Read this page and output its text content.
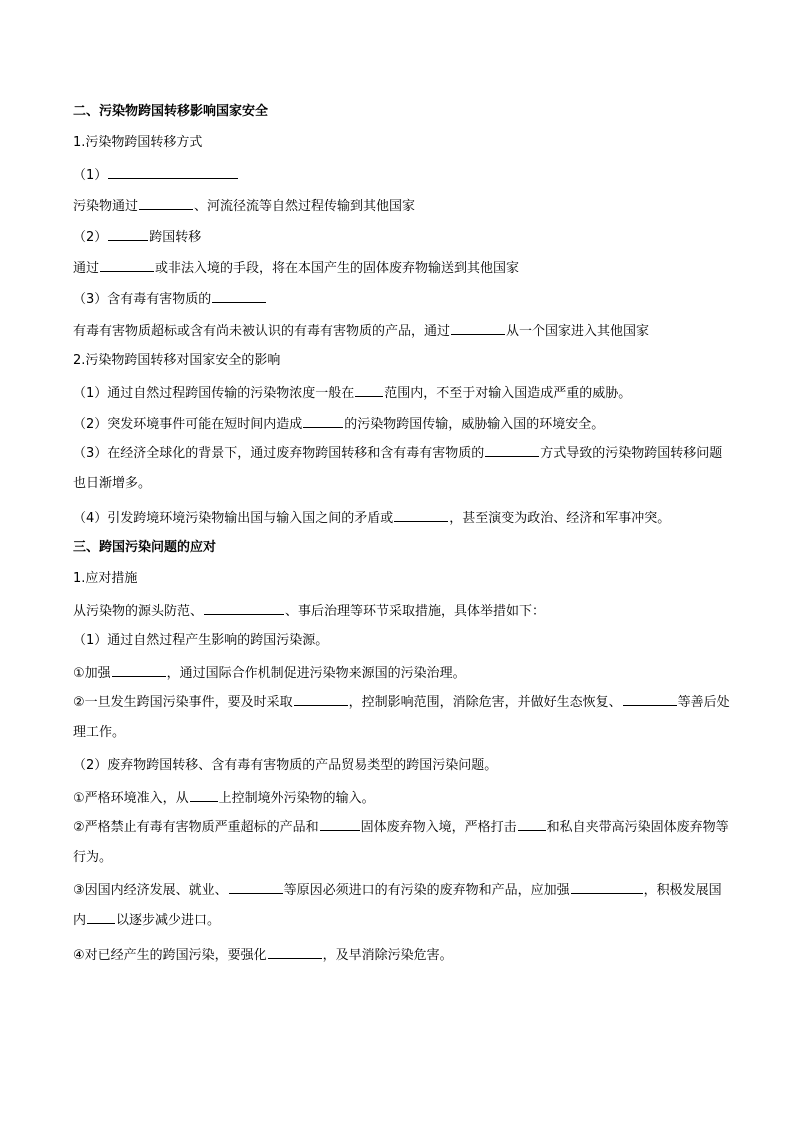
二、污染物跨国转移影响国家安全
1.污染物跨国转移方式
（1）
污染物通过	、河流径流等自然过程传输到其他国家
（2）	跨国转移
通过	或非法入境的手段，将在本国产生的固体废弃物输送到其他国家
（3）含有毒有害物质的
有毒有害物质超标或含有尚未被认识的有毒有害物质的产品，通过	从一个国家进入其他国家
2.污染物跨国转移对国家安全的影响
（1）通过自然过程跨国传输的污染物浓度一般在 范围内，不至于对输入国造成严重的威胁。
（2）突发环境事件可能在短时间内造成	的污染物跨国传输，威胁输入国的环境安全。
（3）在经济全球化的背景下，通过废弃物跨国转移和含有毒有害物质的	方式导致的污染物跨国转移问题也日渐增多。
（4）引发跨境环境污染物输出国与输入国之间的矛盾或	，甚至演变为政治、经济和军事冲突。
三、跨国污染问题的应对
1.应对措施
从污染物的源头防范、	、事后治理等环节采取措施，具体举措如下：
（1）通过自然过程产生影响的跨国污染源。
①加强	，通过国际合作机制促进污染物来源国的污染治理。
②一旦发生跨国污染事件，要及时采取	，控制影响范围，消除危害，并做好生态恢复、	等善后处理工作。
（2）废弃物跨国转移、含有毒有害物质的产品贸易类型的跨国污染问题。
①严格环境准入，从 上控制境外污染物的输入。
②严格禁止有毒有害物质严重超标的产品和	固体废弃物入境，严格打击 和私自夹带高污染固体废弃物等行为。
③因国内经济发展、就业、	等原因必须进口的有污染的废弃物和产品，应加强	，积极发展国内 以逐步减少进口。
④对已经产生的跨国污染，要强化	，及早消除污染危害。
